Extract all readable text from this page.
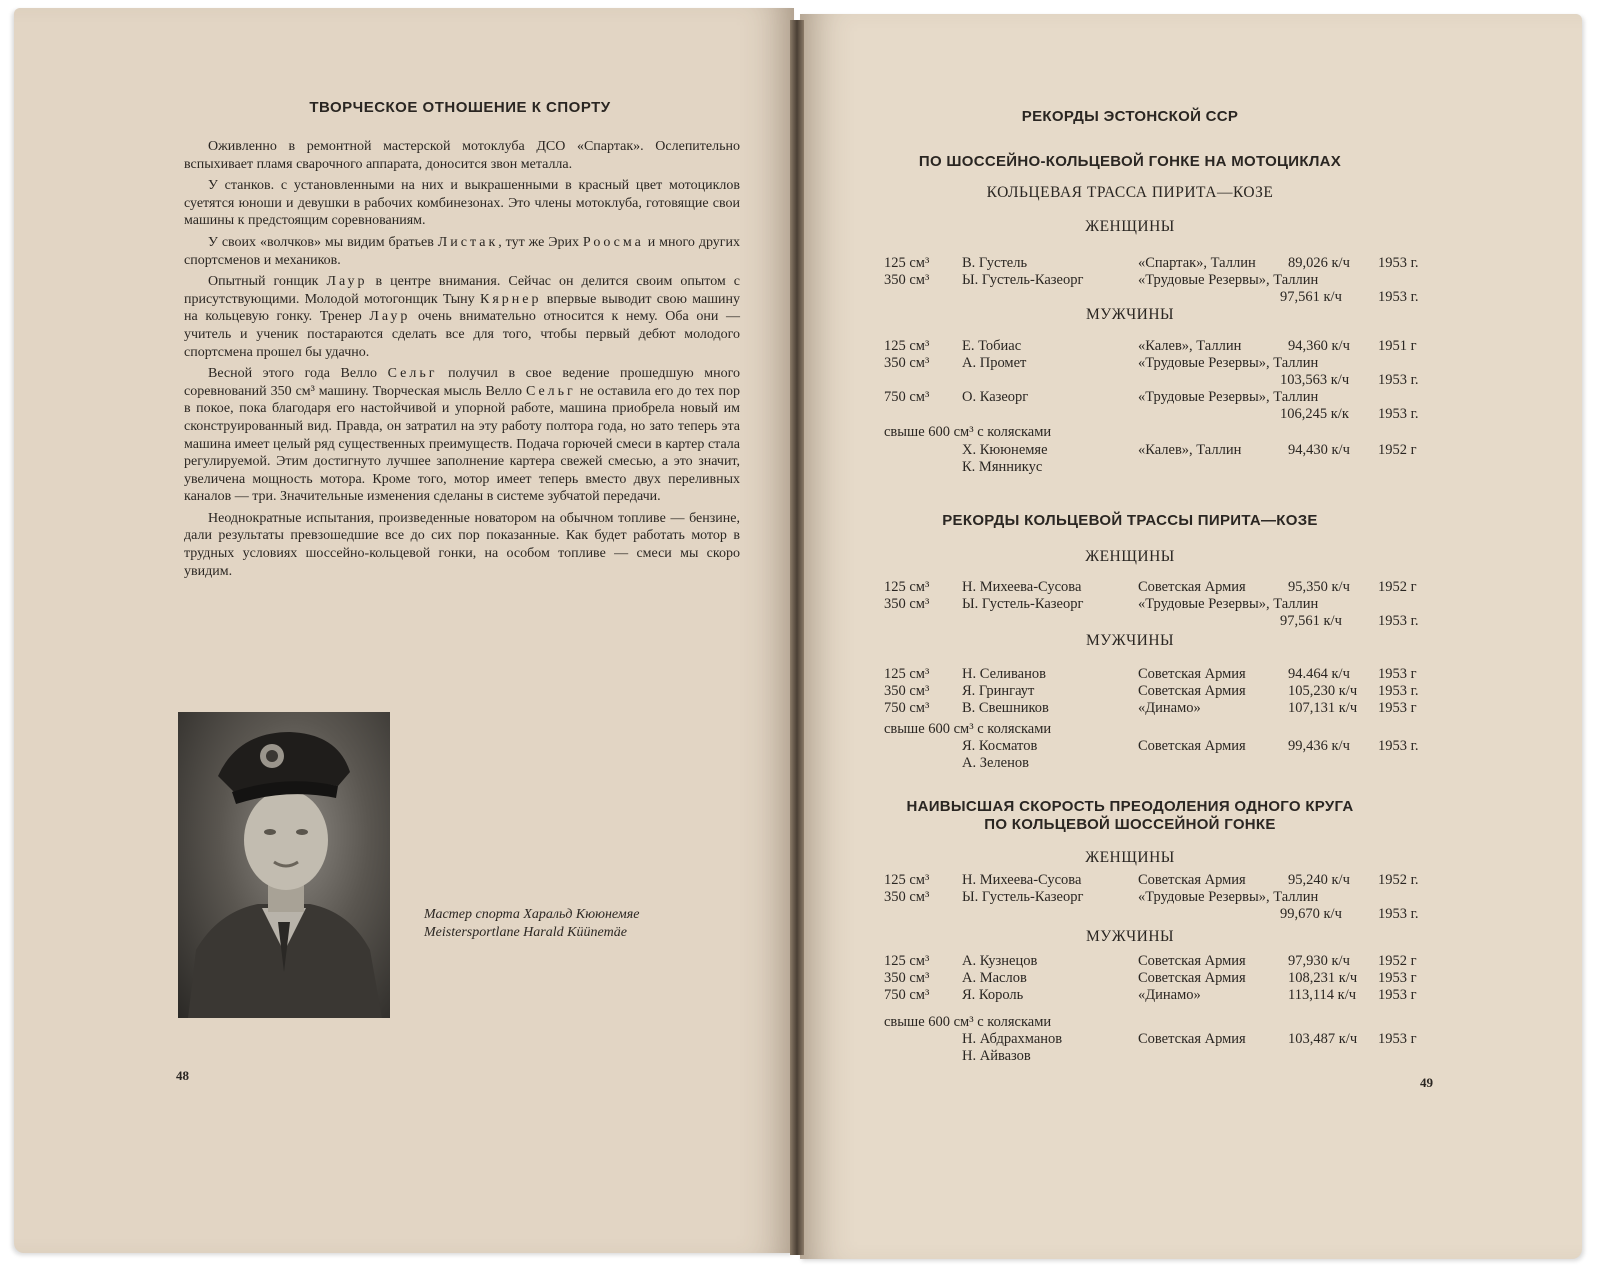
ТВОРЧЕСКОЕ ОТНОШЕНИЕ К СПОРТУ

Оживленно в ремонтной мастерской мотоклуба ДСО «Спартак». Ослепительно вспыхивает пламя сварочного аппарата, доносится звон металла.

У станков. с установленными на них и выкрашенными в красный цвет мотоциклов суетятся юноши и девушки в рабочих комбинезонах. Это члены мотоклуба, готовящие свои машины к предстоящим соревнованиям.

У своих «волчков» мы видим братьев Листак, тут же Эрих Роосма и много других спортсменов и механиков.

Опытный гонщик Лаур в центре внимания. Сейчас он делится своим опытом с присутствующими. Молодой мотогонщик Тыну Кярнер впервые выводит свою машину на кольцевую гонку. Тренер Лаур очень внимательно относится к нему. Оба они — учитель и ученик постараются сделать все для того, чтобы первый дебют молодого спортсмена прошел бы удачно.

Весной этого года Велло Сельг получил в свое ведение прошедшую много соревнований 350 см³ машину. Творческая мысль Велло Сельг не оставила его до тех пор в покое, пока благодаря его настойчивой и упорной работе, машина приобрела новый им сконструированный вид. Правда, он затратил на эту работу полтора года, но зато теперь эта машина имеет целый ряд существенных преимуществ. Подача горючей смеси в картер стала регулируемой. Этим достигнуто лучшее заполнение картера свежей смесью, а это значит, увеличена мощность мотора. Кроме того, мотор имеет теперь вместо двух переливных каналов — три. Значительные изменения сделаны в системе зубчатой передачи.

Неоднократные испытания, произведенные новатором на обычном топливе — бензине, дали результаты превзошедшие все до сих пор показанные. Как будет работать мотор в трудных условиях шоссейно-кольцевой гонки, на особом топливе — смеси мы скоро увидим.

Мастер спорта Харальд Кююнемяе
Meistersportlane Harald Küünemäe
48
РЕКОРДЫ ЭСТОНСКОЙ ССР
ПО ШОССЕЙНО-КОЛЬЦЕВОЙ ГОНКЕ НА МОТОЦИКЛАХ
КОЛЬЦЕВАЯ ТРАССА ПИРИТА—КОЗЕ
ЖЕНЩИНЫ
125 см³ В. Густель	«Спартак», Таллин 89,026 к/ч 1953 г.
350 см³ Ы. Густель-Казеорг	«Трудовые Резервы», Таллин
97,561 к/ч 1953 г.
МУЖЧИНЫ
125 см³ Е. Тобиас	«Калев», Таллин	94,360 к/ч 1951 г
350 см³ А. Промет	«Трудовые Резервы», Таллин
103,563 к/ч 1953 г.
750 см³ О. Казеорг	«Трудовые Резервы», Таллин
106,245 к/к 1953 г.
свыше 600 см³ с колясками
Х. Кююнемяе	«Калев», Таллин	94,430 к/ч 1952 г
К. Мянникус
РЕКОРДЫ КОЛЬЦЕВОЙ ТРАССЫ ПИРИТА—КОЗЕ
ЖЕНЩИНЫ
125 см³ Н. Михеева-Сусова	Советская Армия	95,350 к/ч 1952 г
350 см³ Ы. Густель-Казеорг	«Трудовые Резервы», Таллин
97,561 к/ч 1953 г.
МУЖЧИНЫ
125 см³ Н. Селиванов	Советская Армия	94.464 к/ч 1953 г
350 см³ Я. Грингаут	Советская Армия	105,230 к/ч 1953 г.
750 см³ В. Свешников	«Динамо»	107,131 к/ч 1953 г
свыше 600 см³ с колясками
Я. Косматов	Советская Армия	99,436 к/ч 1953 г.
А. Зеленов
НАИВЫСШАЯ СКОРОСТЬ ПРЕОДОЛЕНИЯ ОДНОГО КРУГА
ПО КОЛЬЦЕВОЙ ШОССЕЙНОЙ ГОНКЕ
ЖЕНЩИНЫ
125 см³ Н. Михеева-Сусова	Советская Армия	95,240 к/ч 1952 г.
350 см³ Ы. Густель-Казеорг	«Трудовые Резервы», Таллин
99,670 к/ч 1953 г.
МУЖЧИНЫ
125 см³ А. Кузнецов	Советская Армия	97,930 к/ч 1952 г
350 см³ А. Маслов	Советская Армия	108,231 к/ч 1953 г
750 см³ Я. Король	«Динамо»	113,114 к/ч 1953 г
свыше 600 см³ с колясками
Н. Абдрахманов	Советская Армия	103,487 к/ч 1953 г
Н. Айвазов
49
